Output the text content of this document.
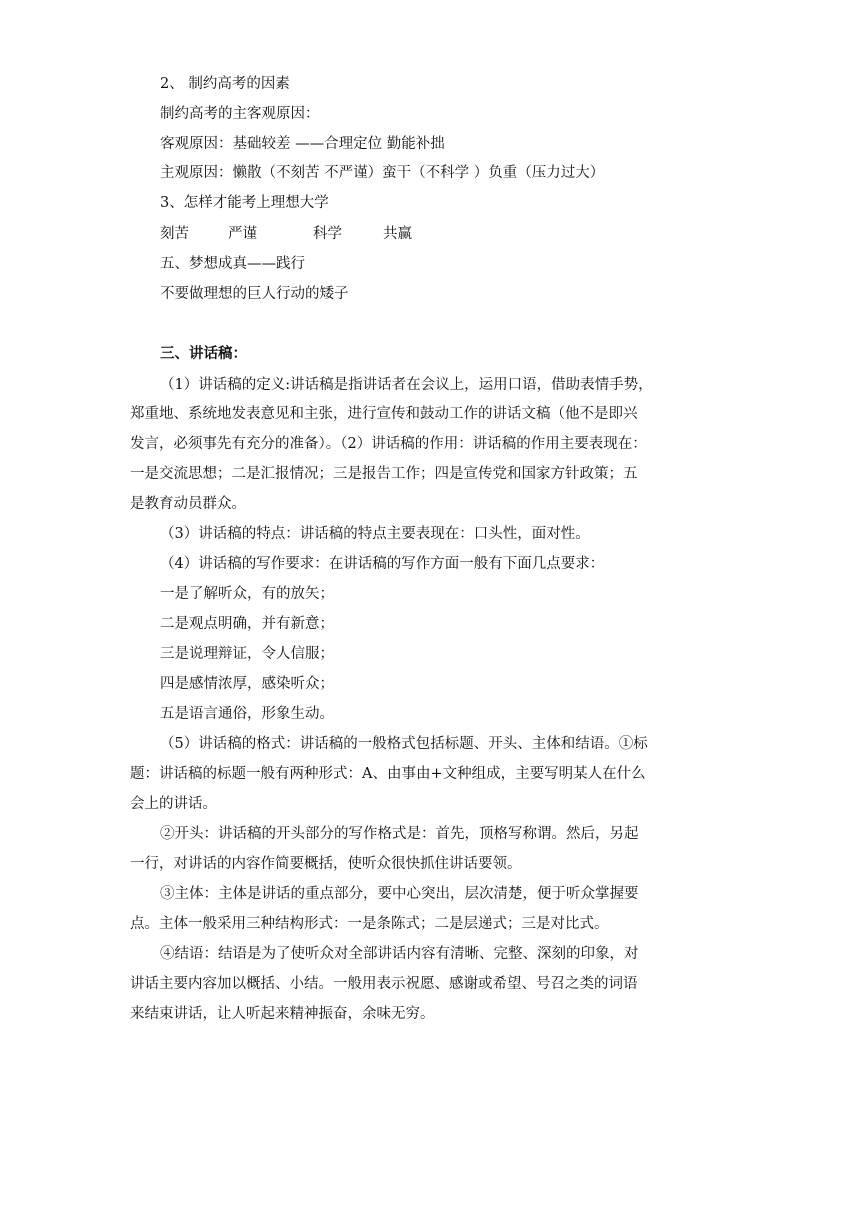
2、 制约高考的因素
制约高考的主客观原因：
客观原因：基础较差 ——合理定位 勤能补拙
主观原因：懒散（不刻苦 不严谨）蛮干（不科学 ）负重（压力过大）
3、怎样才能考上理想大学
刻苦	严谨	科学	共赢
五、梦想成真——践行
不要做理想的巨人行动的矮子
三、讲话稿：
（1）讲话稿的定义:讲话稿是指讲话者在会议上，运用口语，借助表情手势，
郑重地、系统地发表意见和主张，进行宣传和鼓动工作的讲话文稿（他不是即兴
发言，必须事先有充分的准备）。（2）讲话稿的作用：讲话稿的作用主要表现在：
一是交流思想；二是汇报情况；三是报告工作；四是宣传党和国家方针政策；五
是教育动员群众。
（3）讲话稿的特点：讲话稿的特点主要表现在：口头性，面对性。
（4）讲话稿的写作要求：在讲话稿的写作方面一般有下面几点要求：
一是了解听众，有的放矢；
二是观点明确，并有新意；
三是说理辩证，令人信服；
四是感情浓厚，感染听众；
五是语言通俗，形象生动。
（5）讲话稿的格式：讲话稿的一般格式包括标题、开头、主体和结语。①标
题：讲话稿的标题一般有两种形式：A、由事由+文种组成，主要写明某人在什么
会上的讲话。
②开头：讲话稿的开头部分的写作格式是：首先，顶格写称谓。然后，另起
一行，对讲话的内容作简要概括，使听众很快抓住讲话要领。
③主体：主体是讲话的重点部分，要中心突出，层次清楚，便于听众掌握要
点。主体一般采用三种结构形式：一是条陈式；二是层递式；三是对比式。
④结语：结语是为了使听众对全部讲话内容有清晰、完整、深刻的印象，对
讲话主要内容加以概括、小结。一般用表示祝愿、感谢或希望、号召之类的词语
来结束讲话，让人听起来精神振奋，余味无穷。
